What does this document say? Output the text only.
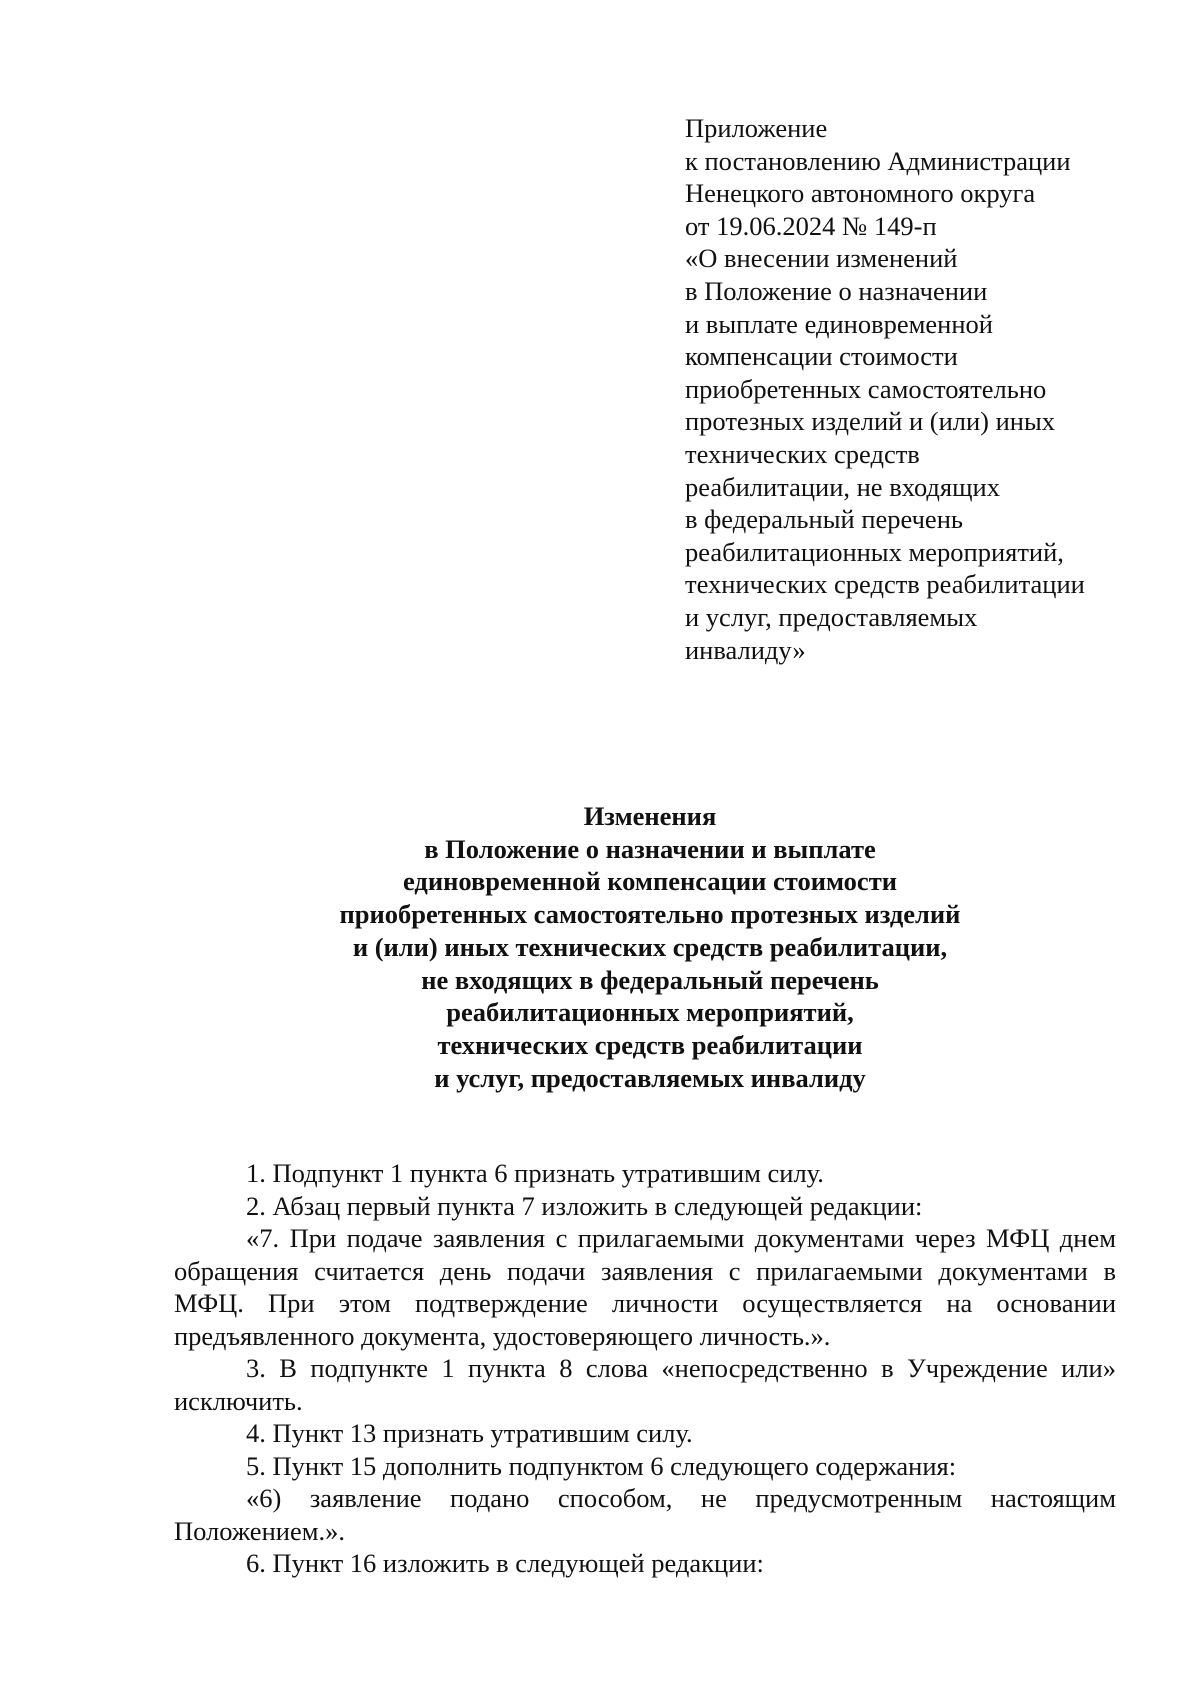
Приложение
к постановлению Администрации
Ненецкого автономного округа
от 19.06.2024 № 149-п
«О внесении изменений
в Положение о назначении
и выплате единовременной
компенсации стоимости
приобретенных самостоятельно
протезных изделий и (или) иных
технических средств
реабилитации, не входящих
в федеральный перечень
реабилитационных мероприятий,
технических средств реабилитации
и услуг, предоставляемых
инвалиду»
Изменения
в Положение о назначении и выплате
единовременной компенсации стоимости
приобретенных самостоятельно протезных изделий
и (или) иных технических средств реабилитации,
не входящих в федеральный перечень
реабилитационных мероприятий,
технических средств реабилитации
и услуг, предоставляемых инвалиду

1. Подпункт 1 пункта 6 признать утратившим силу.

2. Абзац первый пункта 7 изложить в следующей редакции:

«7. При подаче заявления с прилагаемыми документами через МФЦ днем обращения считается день подачи заявления с прилагаемыми документами в МФЦ. При этом подтверждение личности осуществляется на основании предъявленного документа, удостоверяющего личность.».

3. В подпункте 1 пункта 8 слова «непосредственно в Учреждение или» исключить.

4. Пункт 13 признать утратившим силу.

5. Пункт 15 дополнить подпунктом 6 следующего содержания:

«6) заявление подано способом, не предусмотренным настоящим Положением.».

6. Пункт 16 изложить в следующей редакции:
